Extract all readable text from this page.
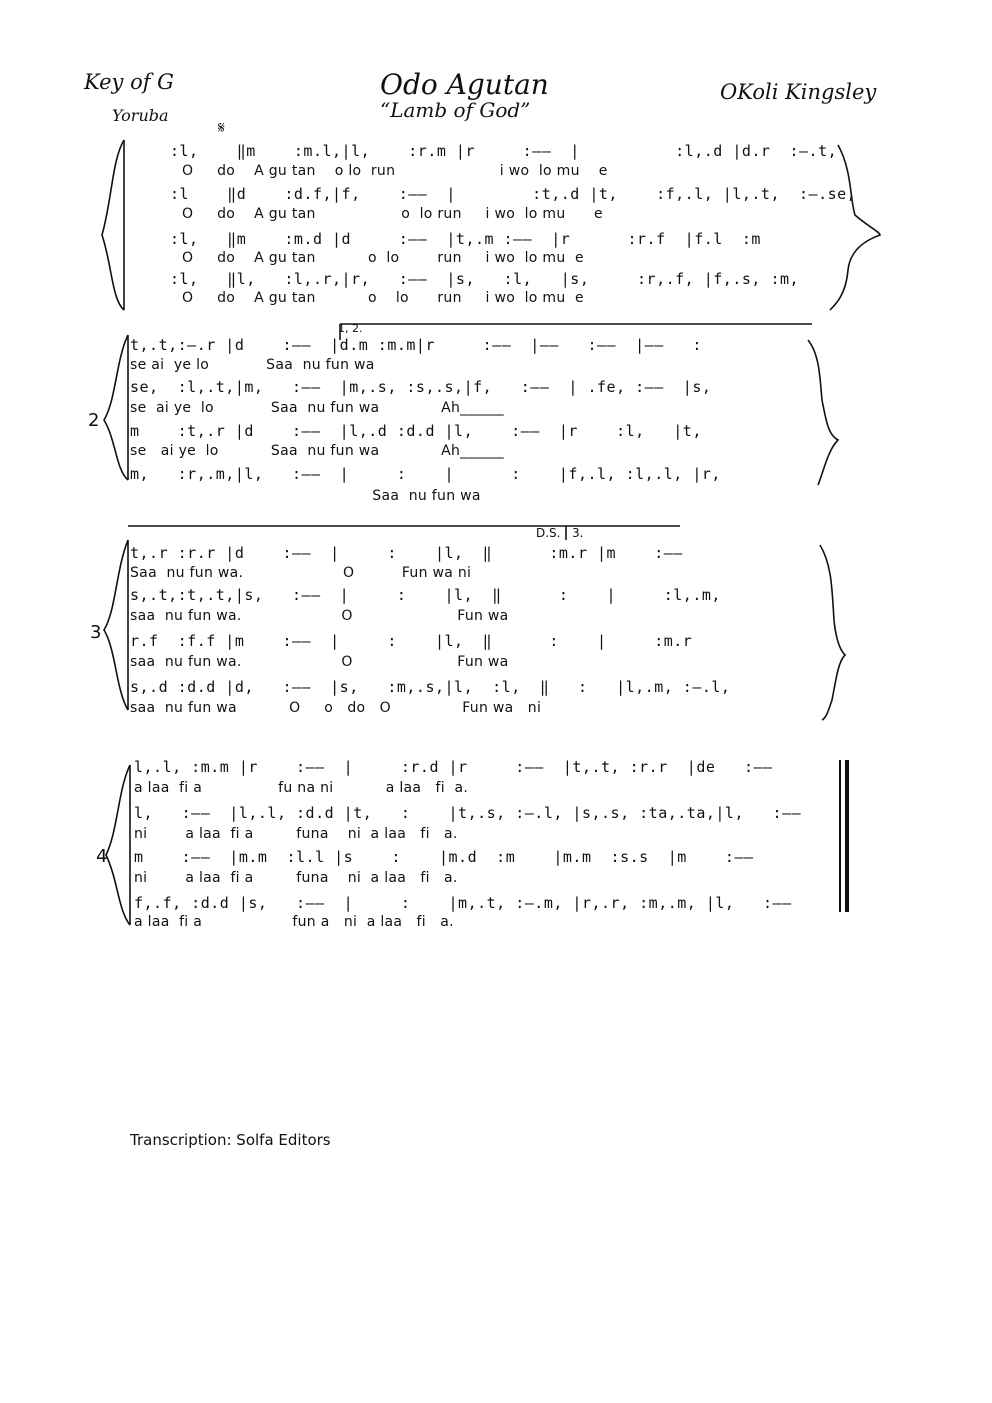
Key of G
Yoruba
Odo Agutan
“Lamb of God”
OKoli Kingsley
𝄋
1, 2.
D.S. 3.
2
3
4
:l,    ‖m    :m.l,|l,    :r.m |r     :——  |          :l,.d |d.r  :–.t,
O     do    A gu tan    o lo  run                      i wo  lo mu    e
:l    ‖d    :d.f,|f,    :——  |        :t,.d |t,    :f,.l, |l,.t,  :–.se,
O     do    A gu tan                  o  lo run     i wo  lo mu      e
:l,   ‖m    :m.d |d     :——  |t,.m :——  |r      :r.f  |f.l  :m
O     do    A gu tan           o  lo        run     i wo  lo mu  e
:l,   ‖l,   :l,.r,|r,   :——  |s,   :l,   |s,     :r,.f, |f,.s, :m,
O     do    A gu tan           o    lo      run     i wo  lo mu  e
t,.t,:–.r |d    :——  |d.m :m.m|r     :——  |——   :——  |——   :
se ai  ye lo            Saa  nu fun wa
se,  :l,.t,|m,   :——  |m,.s, :s,.s,|f,   :——  | .fe, :——  |s,
se  ai ye  lo            Saa  nu fun wa             Ah______
m    :t,.r |d    :——  |l,.d :d.d |l,    :——  |r    :l,   |t,
se   ai ye  lo           Saa  nu fun wa             Ah______
m,   :r,.m,|l,   :——  |     :    |      :    |f,.l, :l,.l, |r,
Saa  nu fun wa
t,.r :r.r |d    :——  |     :    |l,  ‖      :m.r |m    :——
Saa  nu fun wa.                     O          Fun wa ni
s,.t,:t,.t,|s,   :——  |     :    |l,  ‖      :    |     :l,.m,
saa  nu fun wa.                     O                      Fun wa
r.f  :f.f |m    :——  |     :    |l,  ‖      :    |     :m.r
saa  nu fun wa.                     O                      Fun wa
s,.d :d.d |d,   :——  |s,   :m,.s,|l,  :l,  ‖   :   |l,.m, :–.l,
saa  nu fun wa           O     o   do   O               Fun wa   ni
l,.l, :m.m |r    :——  |     :r.d |r     :——  |t,.t, :r.r  |de   :——
a laa  fi a                fu na ni           a laa   fi  a.
l,   :——  |l,.l, :d.d |t,   :    |t,.s, :–.l, |s,.s, :ta,.ta,|l,   :——
ni        a laa  fi a         funa    ni  a laa   fi   a.
m    :——  |m.m  :l.l |s    :    |m.d  :m    |m.m  :s.s  |m    :——
ni        a laa  fi a         funa    ni  a laa   fi   a.
f,.f, :d.d |s,   :——  |     :    |m,.t, :–.m, |r,.r, :m,.m, |l,   :——
a laa  fi a                   fun a   ni  a laa   fi   a.
Transcription: Solfa Editors
